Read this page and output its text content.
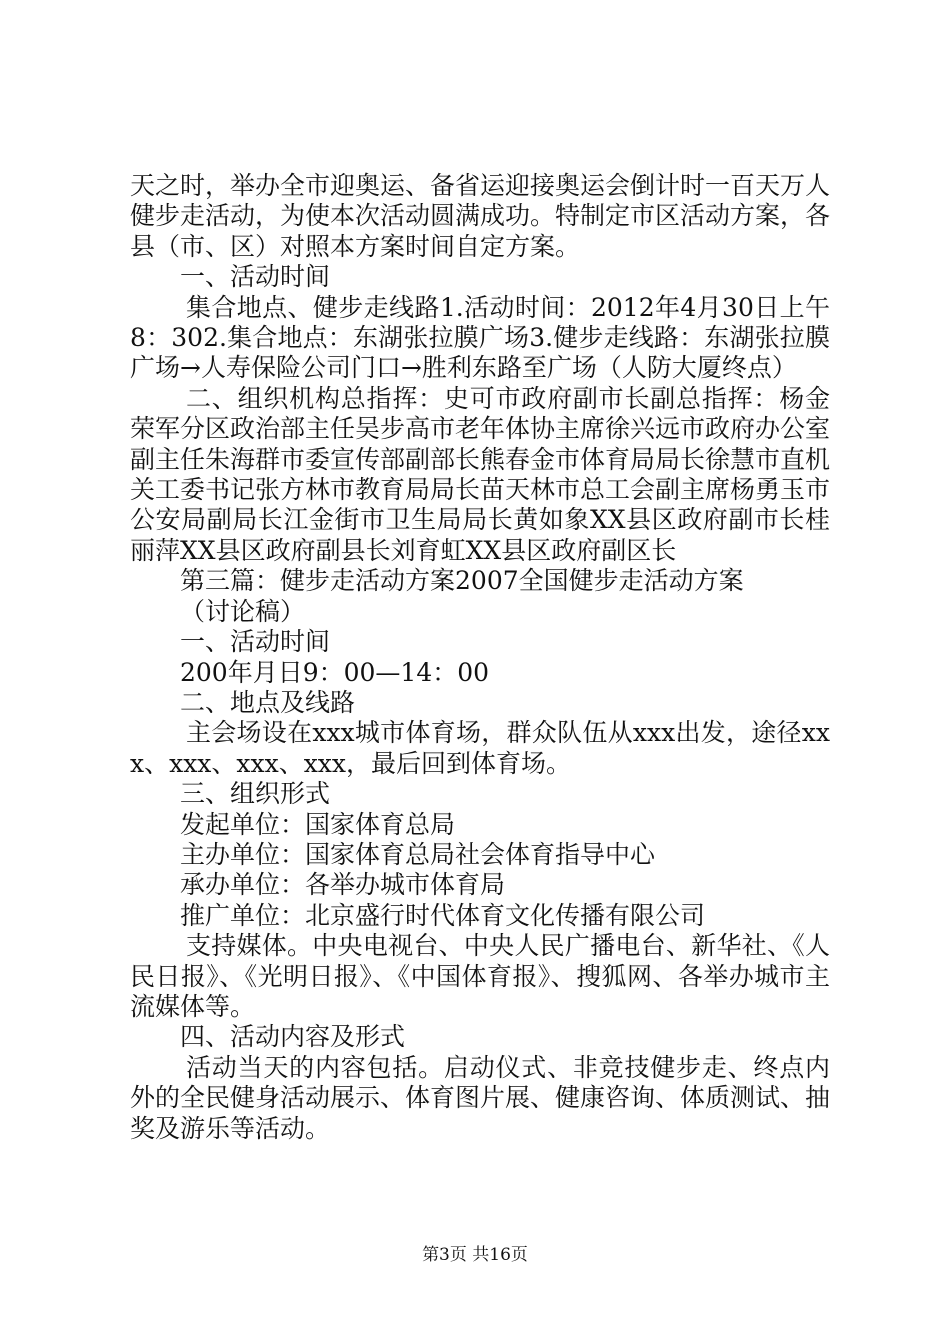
天之时，举办全市迎奥运、备省运迎接奥运会倒计时一百天万人健步走活动，为使本次活动圆满成功。特制定市区活动方案，各县（市、区）对照本方案时间自定方案。

一、活动时间

集合地点、健步走线路1.活动时间：2012年4月30日上午8：302.集合地点：东湖张拉膜广场3.健步走线路：东湖张拉膜广场→人寿保险公司门口→胜利东路至广场（人防大厦终点）

二、组织机构总指挥：史可市政府副市长副总指挥：杨金荣军分区政治部主任吴步高市老年体协主席徐兴远市政府办公室副主任朱海群市委宣传部副部长熊春金市体育局局长徐慧市直机关工委书记张方林市教育局局长苗天林市总工会副主席杨勇玉市公安局副局长江金街市卫生局局长黄如象XX县区政府副市长桂丽萍XX县区政府副县长刘育虹XX县区政府副区长

第三篇：健步走活动方案2007全国健步走活动方案

（讨论稿）

一、活动时间

200年月日9：00—14：00

二、地点及线路

主会场设在xxx城市体育场，群众队伍从xxx出发，途径xxx、xxx、xxx、xxx，最后回到体育场。

三、组织形式

发起单位：国家体育总局

主办单位：国家体育总局社会体育指导中心

承办单位：各举办城市体育局

推广单位：北京盛行时代体育文化传播有限公司

支持媒体。中央电视台、中央人民广播电台、新华社、《人民日报》、《光明日报》、《中国体育报》、搜狐网、各举办城市主流媒体等。

四、活动内容及形式

活动当天的内容包括。启动仪式、非竞技健步走、终点内外的全民健身活动展示、体育图片展、健康咨询、体质测试、抽奖及游乐等活动。

第3页 共16页
